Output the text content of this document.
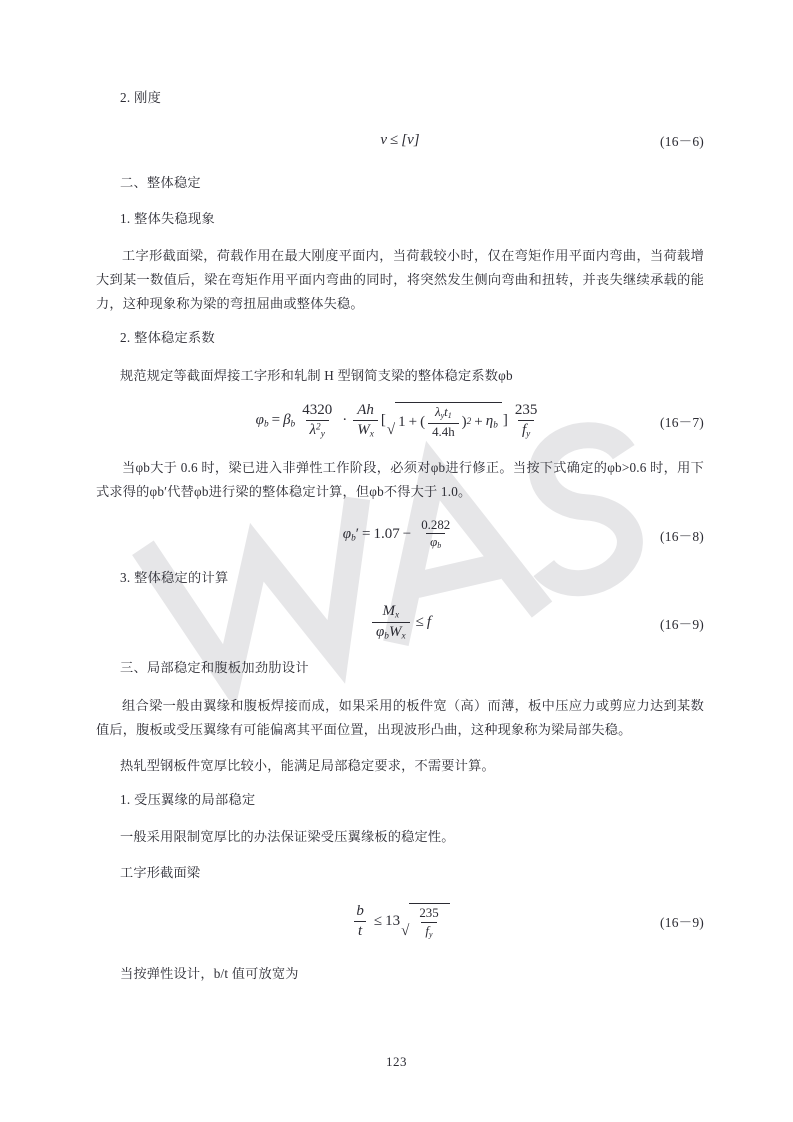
2. 刚度
v ≤ [v]	(16－6)
二、整体稳定
1. 整体失稳现象

工字形截面梁，荷载作用在最大刚度平面内，当荷载较小时，仅在弯矩作用平面内弯曲，当荷载增大到某一数值后，梁在弯矩作用平面内弯曲的同时，将突然发生侧向弯曲和扭转，并丧失继续承载的能力，这种现象称为梁的弯扭屈曲或整体失稳。

2. 整体稳定系数

规范规定等截面焊接工字形和轧制 H 型钢简支梁的整体稳定系数φb

$\varphi_b = \beta_b \frac{4320}{\lambda^2_y} \cdot \frac{Ah}{W_x}$ [
√
1 + ( $\frac{\lambda_yt_1}{4.4h}$ ) $2 + \eta_b$ ] $\frac{235}{f_y}$	(16－7)

当φb大于 0.6 时，梁已进入非弹性工作阶段，必须对φb进行修正。当按下式确定的φb>0.6 时，用下式求得的φb′代替φb进行梁的整体稳定计算，但φb不得大于 1.0。

$\varphi_b' = 1.07 - \frac{0.282}{\varphi_b}$	(16－8)
3. 整体稳定的计算
$\frac{M_x}{\varphi_bW_x} \le f$	(16－9)
三、局部稳定和腹板加劲肋设计

组合梁一般由翼缘和腹板焊接而成，如果采用的板件宽（高）而薄，板中压应力或剪应力达到某数值后，腹板或受压翼缘有可能偏离其平面位置，出现波形凸曲，这种现象称为梁局部失稳。

热轧型钢板件宽厚比较小，能满足局部稳定要求，不需要计算。

1. 受压翼缘的局部稳定

一般采用限制宽厚比的办法保证梁受压翼缘板的稳定性。

工字形截面梁

$\frac{b}{t} \le 13$
√ $\frac{235}{f_y}$	(16－9)

当按弹性设计，b/t 值可放宽为

123
